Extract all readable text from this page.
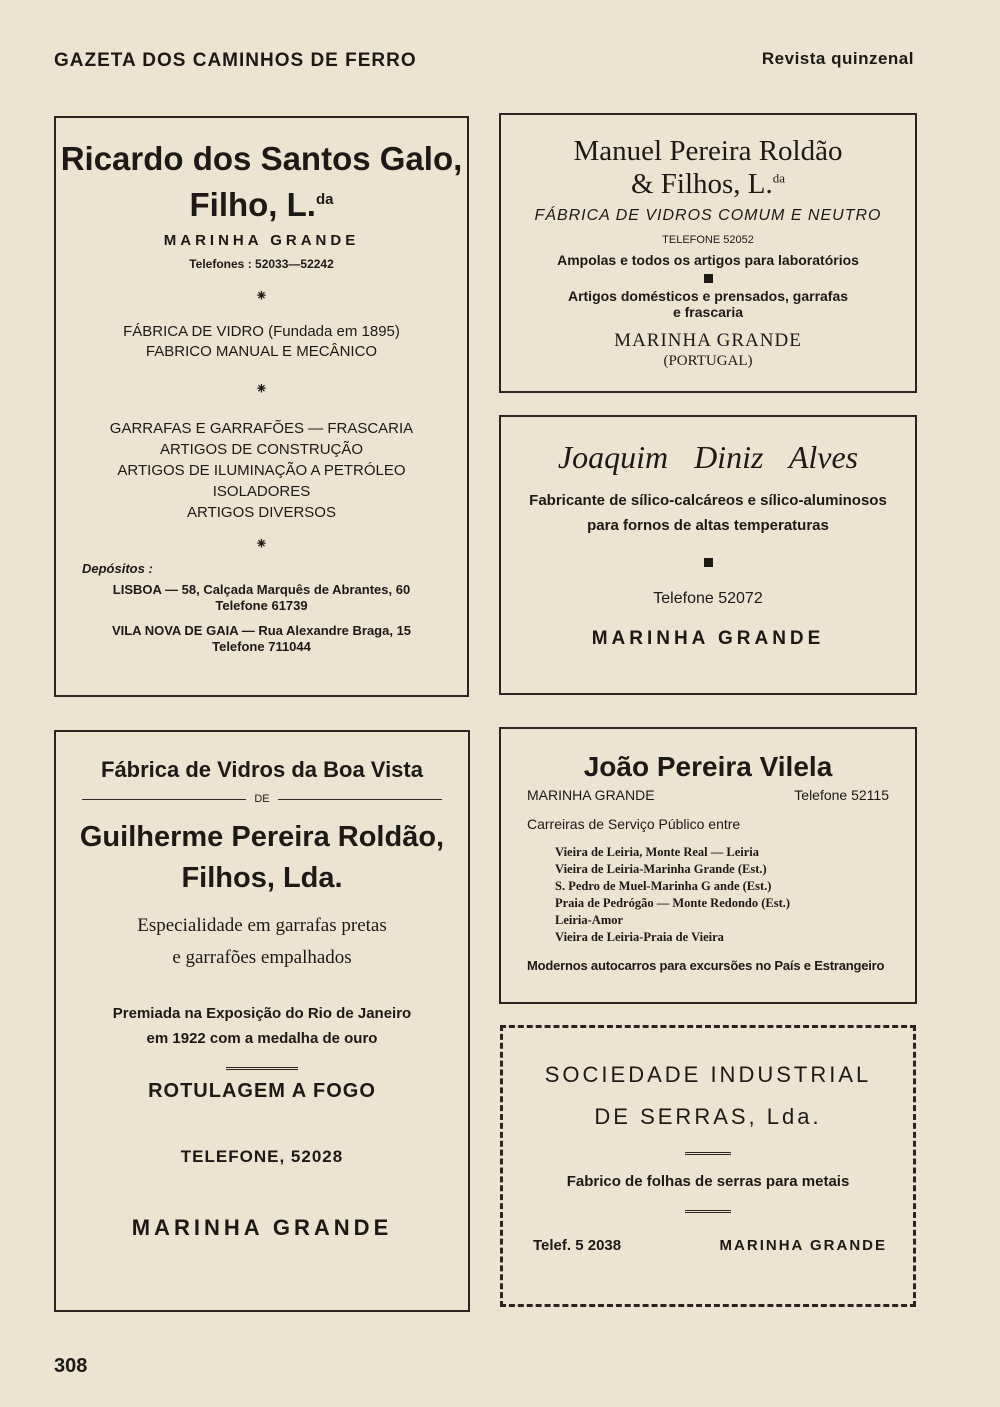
GAZETA DOS CAMINHOS DE FERRO	Revista quinzenal

Ricardo dos Santos Galo,

Filho, L.$^{da}$

MARINHA GRANDE

Telefones : 52033—52242

⁕

FÁBRICA DE VIDRO (Fundada em 1895)

FABRICO MANUAL E MECÂNICO

⁕

GARRAFAS E GARRAFÕES — FRASCARIA

ARTIGOS DE CONSTRUÇÃO

ARTIGOS DE ILUMINAÇÃO A PETRÓLEO

ISOLADORES

ARTIGOS DIVERSOS

⁕

Depósitos :

LISBOA — 58, Calçada Marquês de Abrantes, 60

Telefone 61739

VILA NOVA DE GAIA — Rua Alexandre Braga, 15

Telefone 711044

Manuel Pereira Roldão

& Filhos, L.$^{da}$

FÁBRICA DE VIDROS COMUM E NEUTRO

TELEFONE 52052

Ampolas e todos os artigos para laboratórios

Artigos domésticos e prensados, garrafas

e frascaria

MARINHA GRANDE

(PORTUGAL)

Joaquim Diniz Alves

Fabricante de sílico-calcáreos e sílico-aluminosos

para fornos de altas temperaturas

Telefone 52072

MARINHA GRANDE

Fábrica de Vidros da Boa Vista

DE

Guilherme Pereira Roldão,

Filhos, Lda.

Especialidade em garrafas pretas

e garrafões empalhados

Premiada na Exposição do Rio de Janeiro

em 1922 com a medalha de ouro

ROTULAGEM A FOGO

TELEFONE, 52028

MARINHA GRANDE

João Pereira Vilela

MARINHA GRANDE	Telefone 52115

Carreiras de Serviço Público entre

Vieira de Leiria, Monte Real — Leiria

Vieira de Leiria-Marinha Grande (Est.)

S. Pedro de Muel-Marinha G ande (Est.)

Praia de Pedrógão — Monte Redondo (Est.)

Leiria-Amor

Vieira de Leiria-Praia de Vieira

Modernos autocarros para excursões no País e Estrangeiro

SOCIEDADE INDUSTRIAL

DE SERRAS, Lda.

Fabrico de folhas de serras para metais

Telef. 5 2038	MARINHA GRANDE
308
